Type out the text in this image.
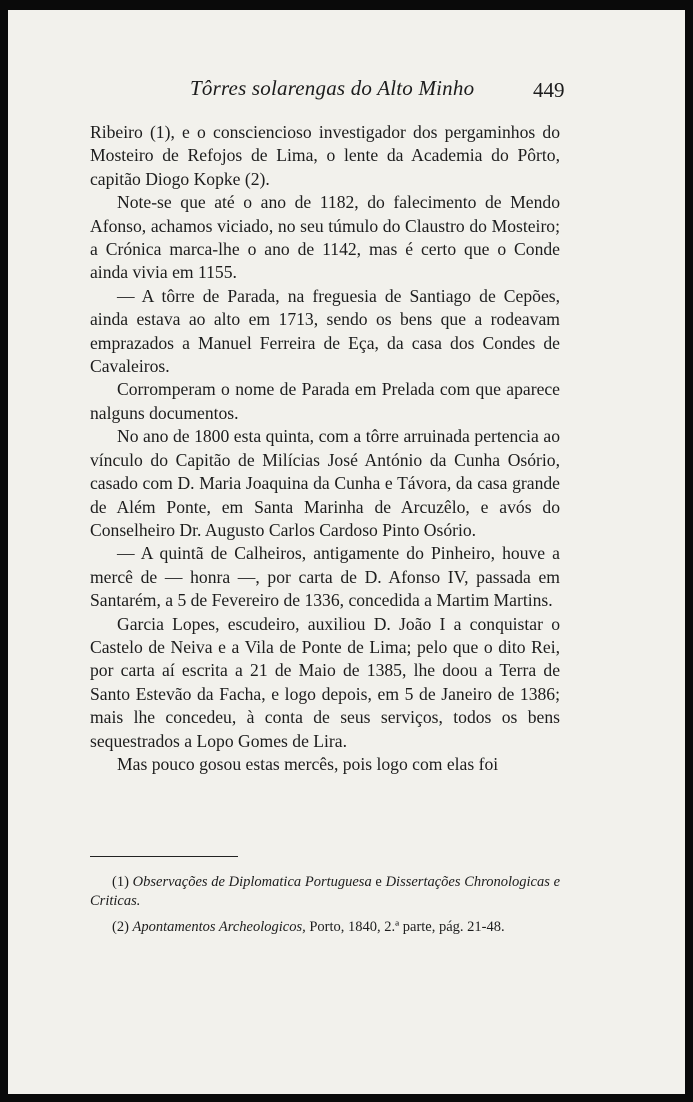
Tôrres solarengas do Alto Minho	449

Ribeiro (1), e o consciencioso investigador dos pergaminhos do Mosteiro de Refojos de Lima, o lente da Academia do Pôrto, capitão Diogo Kopke (2).

Note-se que até o ano de 1182, do falecimento de Mendo Afonso, achamos viciado, no seu túmulo do Claustro do Mosteiro; a Crónica marca-lhe o ano de 1142, mas é certo que o Conde ainda vivia em 1155.

— A tôrre de Parada, na freguesia de Santiago de Cepões, ainda estava ao alto em 1713, sendo os bens que a rodeavam emprazados a Manuel Ferreira de Eça, da casa dos Condes de Cavaleiros.

Corromperam o nome de Parada em Prelada com que aparece nalguns documentos.

No ano de 1800 esta quinta, com a tôrre arruinada pertencia ao vínculo do Capitão de Milícias José António da Cunha Osório, casado com D. Maria Joaquina da Cunha e Távora, da casa grande de Além Ponte, em Santa Marinha de Arcuzêlo, e avós do Conselheiro Dr. Augusto Carlos Cardoso Pinto Osório.

— A quintã de Calheiros, antigamente do Pinheiro, houve a mercê de — honra —, por carta de D. Afonso IV, passada em Santarém, a 5 de Fevereiro de 1336, concedida a Martim Martins.

Garcia Lopes, escudeiro, auxiliou D. João I a conquistar o Castelo de Neiva e a Vila de Ponte de Lima; pelo que o dito Rei, por carta aí escrita a 21 de Maio de 1385, lhe doou a Terra de Santo Estevão da Facha, e logo depois, em 5 de Janeiro de 1386; mais lhe concedeu, à conta de seus serviços, todos os bens sequestrados a Lopo Gomes de Lira.

Mas pouco gosou estas mercês, pois logo com elas foi

(1) Observações de Diplomatica Portuguesa e Dissertações Chronologicas e Criticas.

(2) Apontamentos Archeologicos, Porto, 1840, 2.ª parte, pág. 21-48.
